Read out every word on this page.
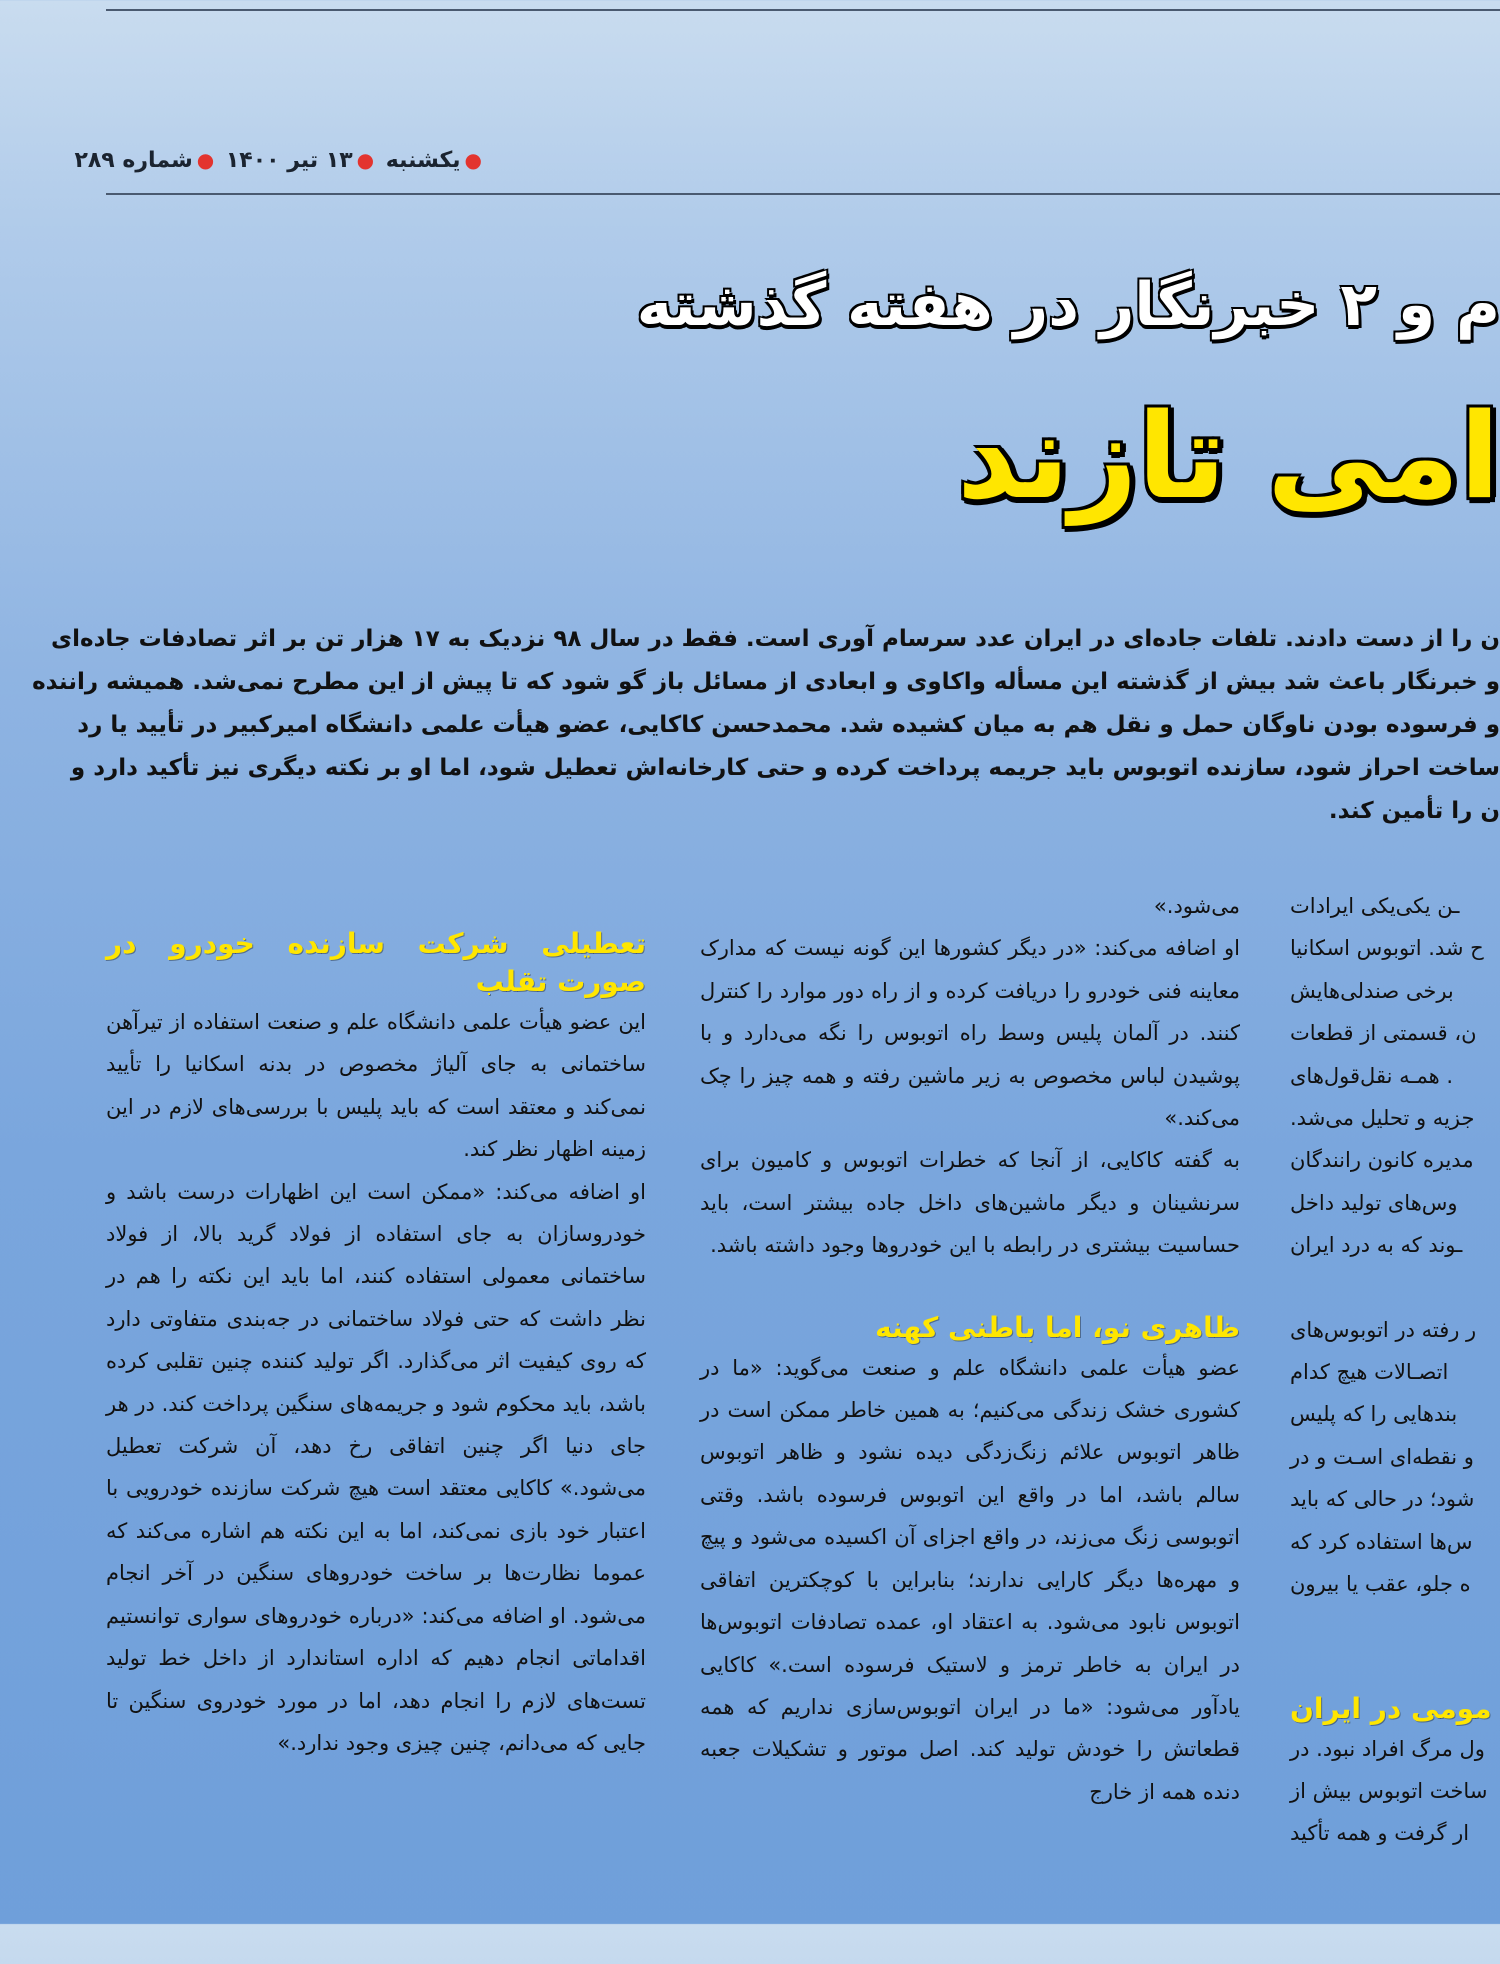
●یکشنبه ●۱۳ تیر ۱۴۰۰ ●شماره ۲۸۹
م و ۲ خبرنگار در هفته گذشته
امی تازند

ن را از دست دادند. تلفات جاده‌ای در ایران عدد سرسام آوری است. فقط در سال ۹۸ نزدیک به ۱۷ هزار تن بر اثر تصادفات جاده‌ای

و خبرنگار باعث شد بیش از گذشته این مسأله واکاوی و ابعادی از مسائل باز گو شود که تا پیش از این مطرح نمی‌شد. همیشه راننده

و فرسوده بودن ناوگان حمل و نقل هم به میان کشیده شد. محمدحسن کاکایی، عضو هیأت علمی دانشگاه امیرکبیر در تأیید یا رد

ساخت احراز شود، سازنده اتوبوس باید جریمه پرداخت کرده و حتی کارخانه‌اش تعطیل شود، اما او بر نکته دیگری نیز تأکید دارد و

ن را تأمین کند.

ـن یکی‌یکی ایرادات
ح شد. اتوبوس اسکانیا
برخی صندلی‌هایش
ن، قسمتی از قطعات
. همـه نقل‌قول‌های
جزیه و تحلیل می‌شد.
مدیره کانون رانندگان
وس‌های تولید داخل
ـوند که به درد ایران
ر رفته در اتوبوس‌های
اتصـالات هیچ کدام
بندهایی را که پلیس
و نقطه‌ای اسـت و در
شود؛ در حالی که باید
س‌ها استفاده کرد که
ه جلو، عقب یا بیرون
مومی در ایران
ول مرگ افراد نبود. در
ساخت اتوبوس بیش از
ار گرفت و همه تأکید

می‌شود.»

او اضافه می‌کند: «در دیگر کشورها این گونه نیست که مدارک معاینه فنی خودرو را دریافت کرده و از راه دور موارد را کنترل کنند. در آلمان پلیس وسط راه اتوبوس را نگه می‌دارد و با پوشیدن لباس مخصوص به زیر ماشین رفته و همه چیز را چک می‌کند.»

به گفته کاکایی، از آنجا که خطرات اتوبوس و کامیون برای سرنشینان و دیگر ماشین‌های داخل جاده بیشتر است، باید حساسیت بیشتری در رابطه با این خودروها وجود داشته باشد.

ظاهری نو، اما باطنی کهنه

عضو هیأت علمی دانشگاه علم و صنعت می‌گوید: «ما در کشوری خشک زندگی می‌کنیم؛ به همین خاطر ممکن است در ظاهر اتوبوس علائم زنگ‌زدگی دیده نشود و ظاهر اتوبوس سالم باشد، اما در واقع این اتوبوس فرسوده باشد. وقتی اتوبوسی زنگ می‌زند، در واقع اجزای آن اکسیده می‌شود و پیچ و مهره‌ها دیگر کارایی ندارند؛ بنابراین با کوچکترین اتفاقی اتوبوس نابود می‌شود. به اعتقاد او، عمده تصادفات اتوبوس‌ها در ایران به خاطر ترمز و لاستیک فرسوده است.» کاکایی یادآور می‌شود: «ما در ایران اتوبوس‌سازی نداریم که همه قطعاتش را خودش تولید کند. اصل موتور و تشکیلات جعبه دنده همه از خارج

تعطیلی شرکت سازنده خودرو در صورت تقلب

این عضو هیأت علمی دانشگاه علم و صنعت استفاده از تیرآهن ساختمانی به جای آلیاژ مخصوص در بدنه اسکانیا را تأیید نمی‌کند و معتقد است که باید پلیس با بررسی‌های لازم در این زمینه اظهار نظر کند.

او اضافه می‌کند: «ممکن است این اظهارات درست باشد و خودروسازان به جای استفاده از فولاد گرید بالا، از فولاد ساختمانی معمولی استفاده کنند، اما باید این نکته را هم در نظر داشت که حتی فولاد ساختمانی در جه‌بندی متفاوتی دارد که روی کیفیت اثر می‌گذارد. اگر تولید کننده چنین تقلبی کرده باشد، باید محکوم شود و جریمه‌های سنگین پرداخت کند. در هر جای دنیا اگر چنین اتفاقی رخ دهد، آن شرکت تعطیل می‌شود.» کاکایی معتقد است هیچ شرکت سازنده خودرویی با اعتبار خود بازی نمی‌کند، اما به این نکته هم اشاره می‌کند که عموما نظارت‌ها بر ساخت خودروهای سنگین در آخر انجام می‌شود. او اضافه می‌کند: «درباره خودروهای سواری توانستیم اقداماتی انجام دهیم که اداره استاندارد از داخل خط تولید تست‌های لازم را انجام دهد، اما در مورد خودروی سنگین تا جایی که می‌دانم، چنین چیزی وجود ندارد.»
